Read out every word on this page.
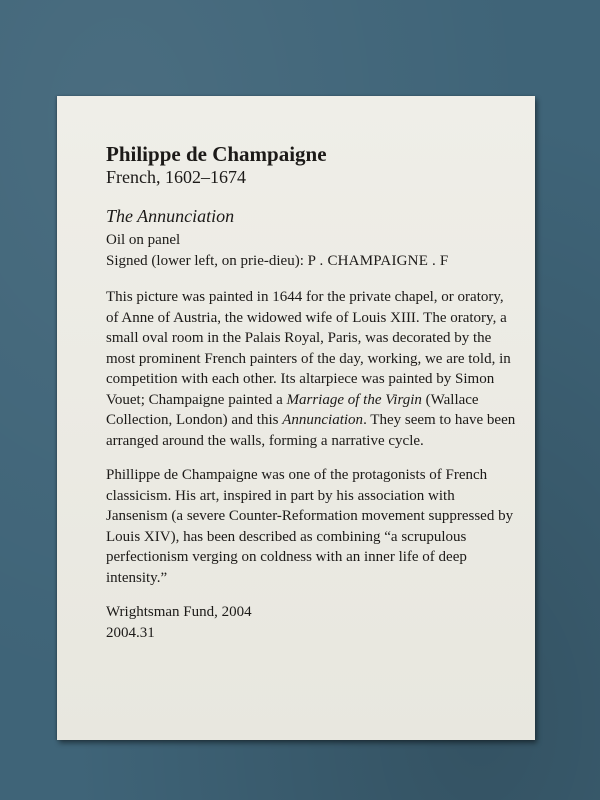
Philippe de Champaigne
French, 1602–1674
The Annunciation
Oil on panel
Signed (lower left, on prie-dieu): P . CHAMPAIGNE . F

This picture was painted in 1644 for the private chapel, or oratory, of Anne of Austria, the widowed wife of Louis XIII. The oratory, a small oval room in the Palais Royal, Paris, was decorated by the most prominent French painters of the day, working, we are told, in competition with each other. Its altarpiece was painted by Simon Vouet; Champaigne painted a Marriage of the Virgin (Wallace Collection, London) and this Annunciation. They seem to have been arranged around the walls, forming a narrative cycle.

Phillippe de Champaigne was one of the protagonists of French classicism. His art, inspired in part by his association with Jansenism (a severe Counter-Reformation movement suppressed by Louis XIV), has been described as combining “a scrupulous perfectionism verging on coldness with an inner life of deep intensity.”

Wrightsman Fund, 2004
2004.31
